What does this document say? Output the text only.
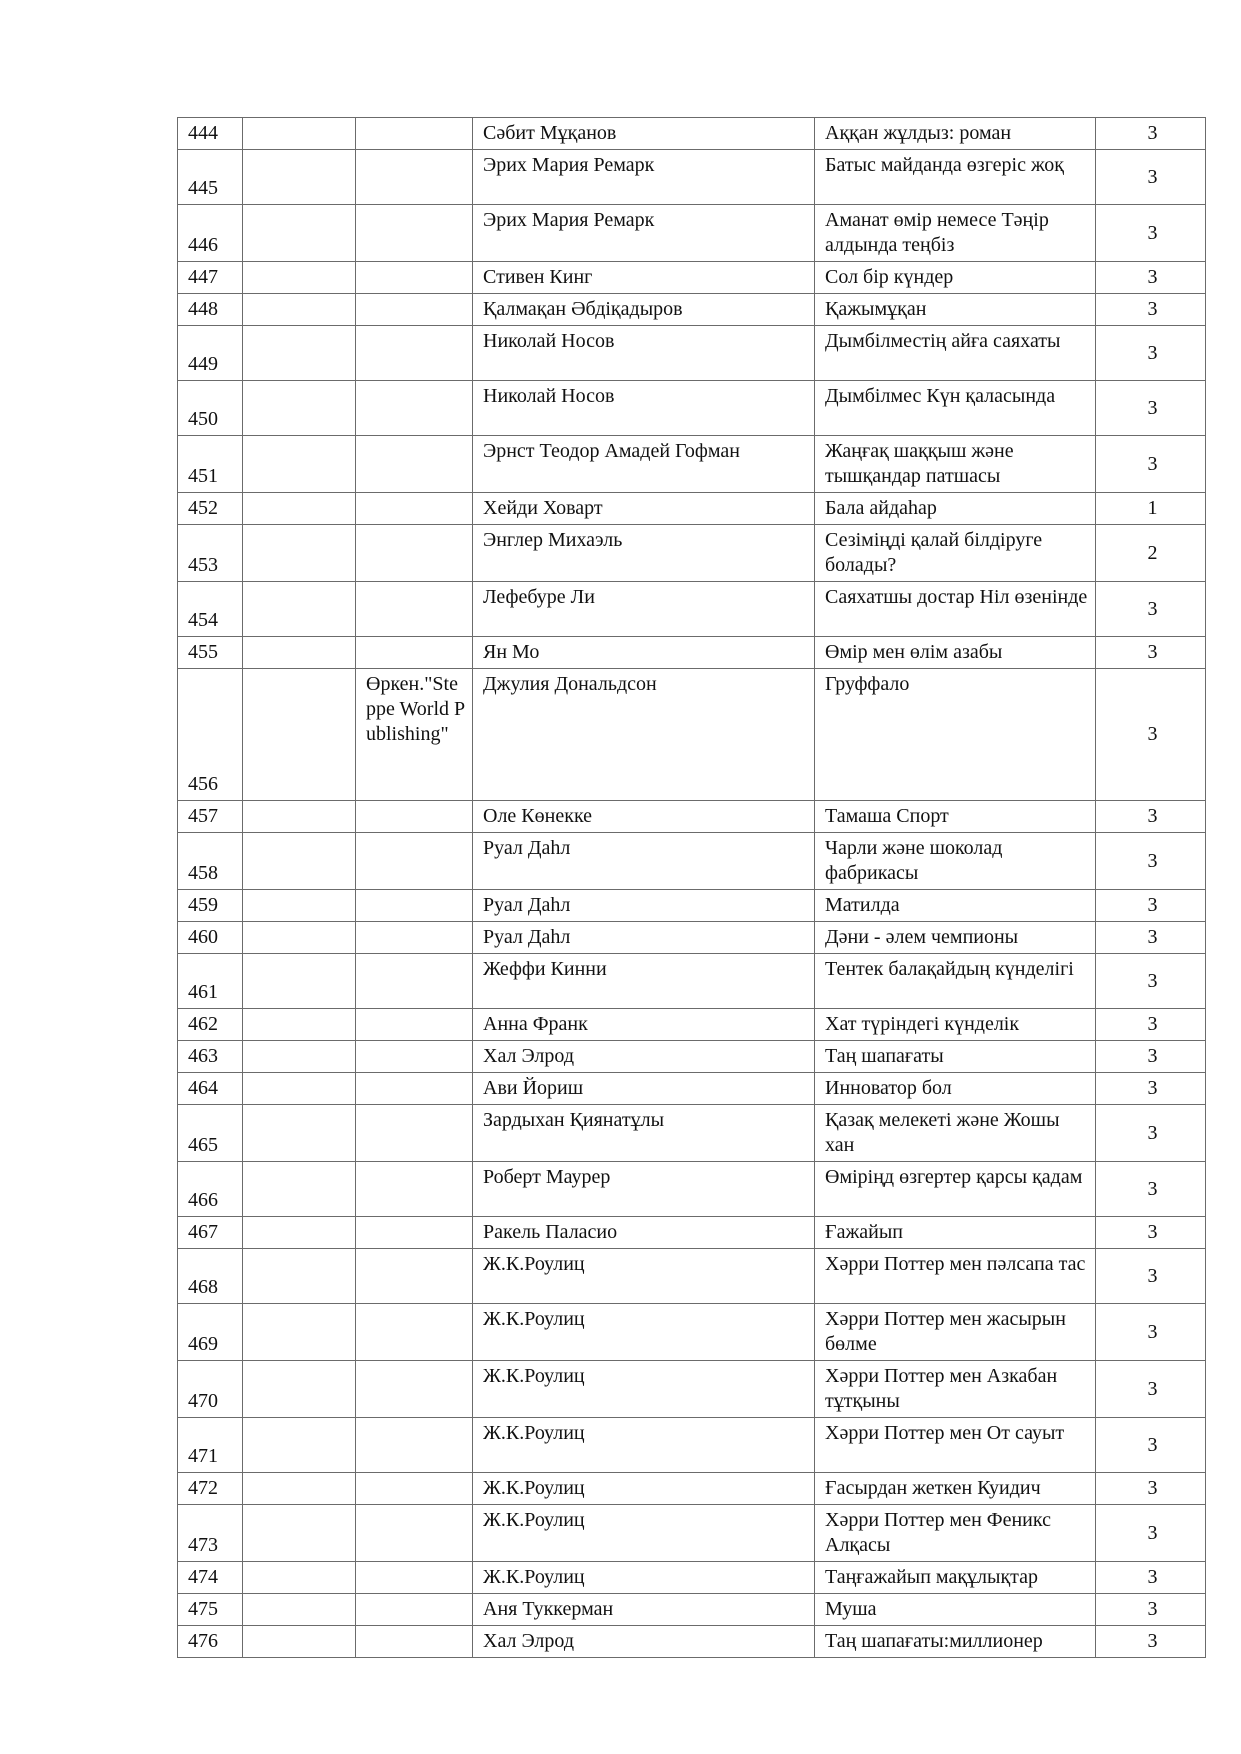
444			Сәбит Мұқанов	Аққан жұлдыз: роман	3
445			Эрих Мария Ремарк	Батыс майданда өзгеріс жоқ	3
446			Эрих Мария Ремарк	Аманат өмір немесе Тәңір алдында теңбіз	3
447			Стивен Кинг	Сол бір күндер	3
448			Қалмақан Әбдіқадыров	Қажымұқан	3
449			Николай Носов	Дымбілместің айға саяхаты	3
450			Николай Носов	Дымбілмес Күн қаласында	3
451			Эрнст Теодор Амадей Гофман	Жаңғақ шаққыш және тышқандар патшасы	3
452			Хейди Ховарт	Бала айдаһар	1
453			Энглер Михаэль	Сезіміңді қалай білдіруге болады?	2
454			Лефебуре Ли	Саяхатшы достар Ніл өзенінде	3
455			Ян Мо	Өмір мен өлім азабы	3
456		Өркен."Steppe World Publishing"	Джулия Дональдсон	Груффало	3
457			Оле Көнекке	Тамаша Спорт	3
458			Руал Даһл	Чарли және шоколад фабрикасы	3
459			Руал Даһл	Матилда	3
460			Руал Даһл	Дәни - әлем чемпионы	3
461			Жеффи Кинни	Тентек балақайдың күнделігі	3
462			Анна Франк	Хат түріндегі күнделік	3
463			Хал Элрод	Таң шапағаты	3
464			Ави Йориш	Инноватор бол	3
465			Зардыхан Қиянатұлы	Қазақ мелекеті және Жошы хан	3
466			Роберт Маурер	Өміріңд өзгертер қарсы қадам	3
467			Ракель Паласио	Ғажайып	3
468			Ж.К.Роулиц	Хәрри Поттер мен пәлсапа тас	3
469			Ж.К.Роулиц	Хәрри Поттер мен жасырын бөлме	3
470			Ж.К.Роулиц	Хәрри Поттер мен Азкабан тұтқыны	3
471			Ж.К.Роулиц	Хәрри Поттер мен От сауыт	3
472			Ж.К.Роулиц	Ғасырдан жеткен Куидич	3
473			Ж.К.Роулиц	Хәрри Поттер мен Феникс Алқасы	3
474			Ж.К.Роулиц	Таңғажайып мақұлықтар	3
475			Аня Туккерман	Муша	3
476			Хал Элрод	Таң шапағаты:миллионер	3
